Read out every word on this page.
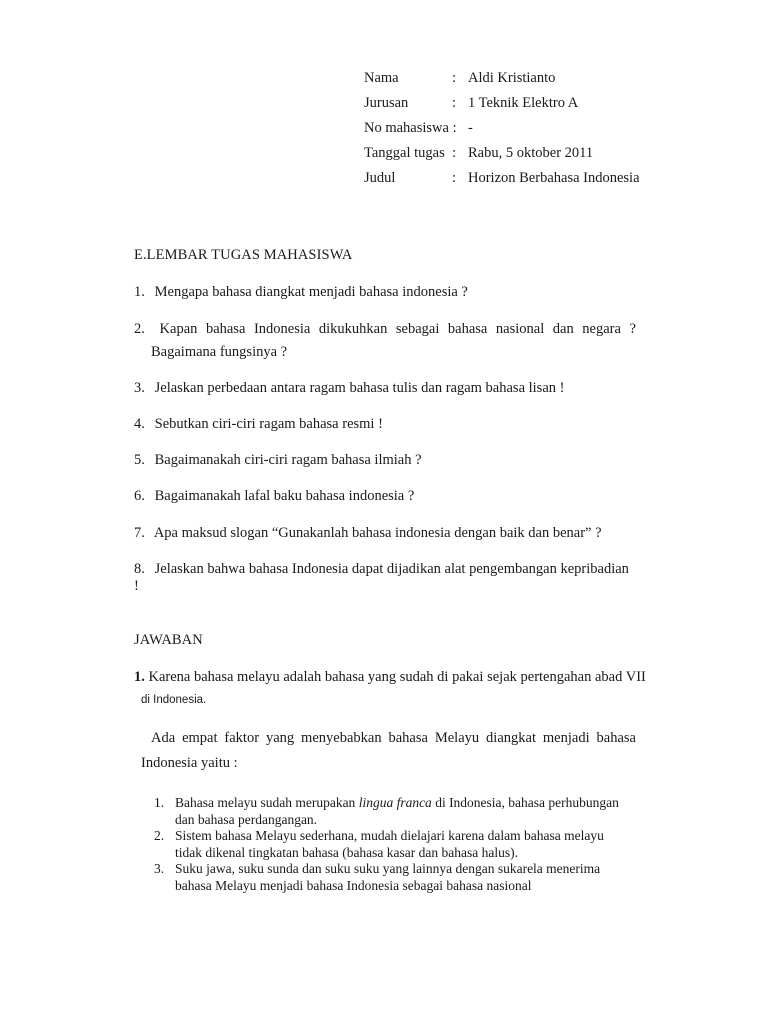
Nama	: Aldi Kristianto
Jurusan	: 1 Teknik Elektro A
No mahasiswa : -
Tanggal tugas : Rabu, 5 oktober 2011
Judul	: Horizon Berbahasa Indonesia
E.LEMBAR TUGAS MAHASISWA
1. Mengapa bahasa diangkat menjadi bahasa indonesia ?
2.	Kapan bahasa Indonesia dikukuhkan sebagai bahasa nasional dan negara ?
Bagaimana fungsinya ?
3. Jelaskan perbedaan antara ragam bahasa tulis dan ragam bahasa lisan !
4. Sebutkan ciri-ciri ragam bahasa resmi !
5. Bagaimanakah ciri-ciri ragam bahasa ilmiah ?
6. Bagaimanakah lafal baku bahasa indonesia ?
7. Apa maksud slogan “Gunakanlah bahasa indonesia dengan baik dan benar” ?
8. Jelaskan bahwa bahasa Indonesia dapat dijadikan alat pengembangan kepribadian !
JAWABAN
1. Karena bahasa melayu adalah bahasa yang sudah di pakai sejak pertengahan abad VII
di Indonesia.
Ada empat faktor yang menyebabkan bahasa Melayu diangkat menjadi bahasa
Indonesia yaitu :
1. Bahasa melayu sudah merupakan lingua franca di Indonesia, bahasa perhubungan dan bahasa perdangangan.
2. Sistem bahasa Melayu sederhana, mudah dielajari karena dalam bahasa melayu tidak dikenal tingkatan bahasa (bahasa kasar dan bahasa halus).
3. Suku jawa, suku sunda dan suku suku yang lainnya dengan sukarela menerima bahasa Melayu menjadi bahasa Indonesia sebagai bahasa nasional
